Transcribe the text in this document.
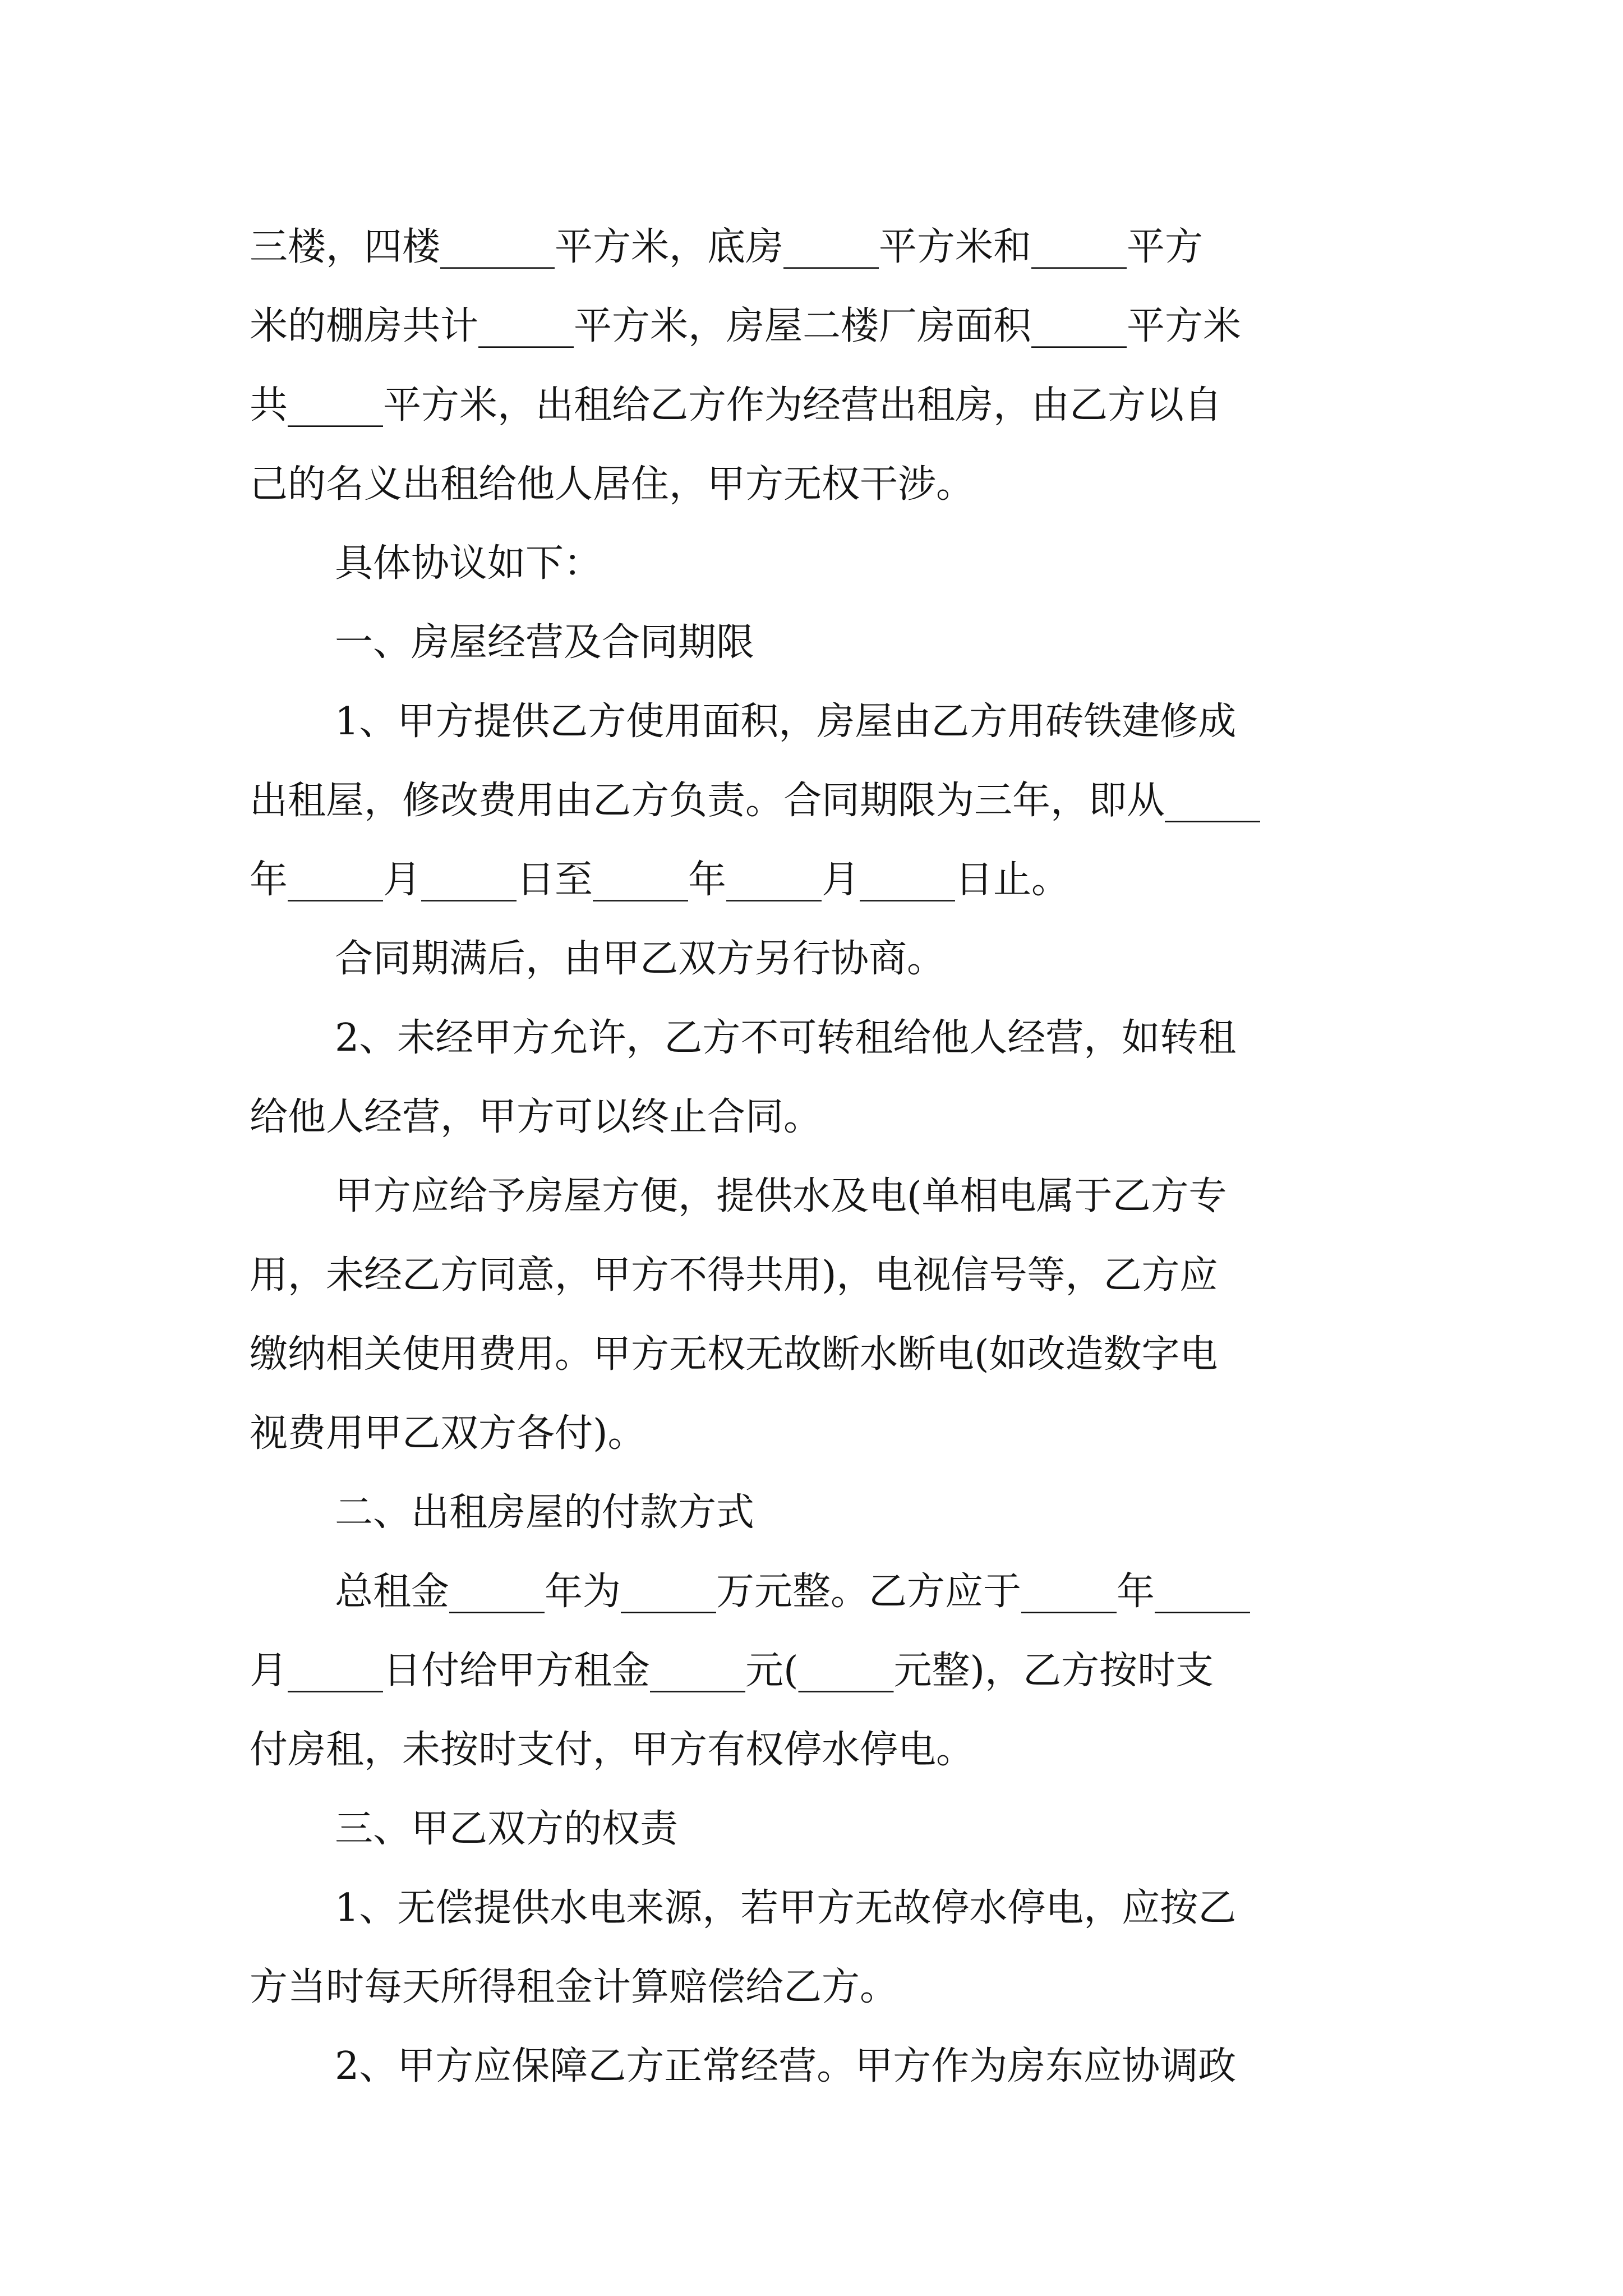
三楼，四楼______平方米，底房_____平方米和_____平方
米的棚房共计_____平方米，房屋二楼厂房面积_____平方米
共_____平方米，出租给乙方作为经营出租房，由乙方以自
己的名义出租给他人居住，甲方无权干涉。
具体协议如下：
一、房屋经营及合同期限
1、甲方提供乙方使用面积，房屋由乙方用砖铁建修成
出租屋，修改费用由乙方负责。合同期限为三年，即从_____
年_____月_____日至_____年_____月_____日止。
合同期满后，由甲乙双方另行协商。
2、未经甲方允许，乙方不可转租给他人经营，如转租
给他人经营，甲方可以终止合同。
甲方应给予房屋方便，提供水及电(单相电属于乙方专
用，未经乙方同意，甲方不得共用)，电视信号等，乙方应
缴纳相关使用费用。甲方无权无故断水断电(如改造数字电
视费用甲乙双方各付)。
二、出租房屋的付款方式
总租金_____年为_____万元整。乙方应于_____年_____
月_____日付给甲方租金_____元(_____元整)，乙方按时支
付房租，未按时支付，甲方有权停水停电。
三、甲乙双方的权责
1、无偿提供水电来源，若甲方无故停水停电，应按乙
方当时每天所得租金计算赔偿给乙方。
2、甲方应保障乙方正常经营。甲方作为房东应协调政
